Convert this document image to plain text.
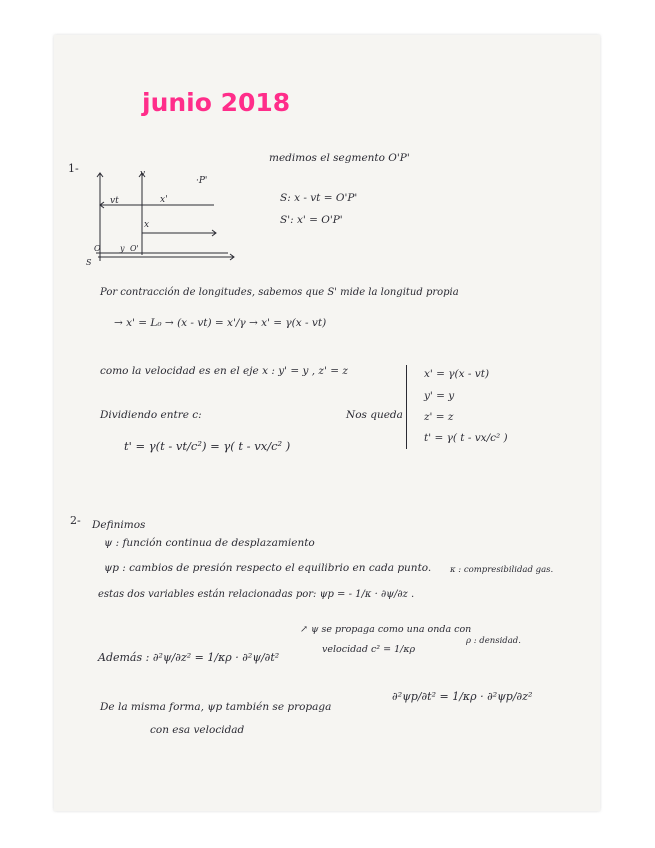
junio 2018
1-
medimos el segmento O'P'
S: x - vt = O'P'
S': x' = O'P'
v
·P'
vt	x'
x
O y O'
S
Por contracción de longitudes, sabemos que S' mide la longitud propia
→ x' = L₀ → (x - vt) = x'/γ → x' = γ(x - vt)
como la velocidad es en el eje x : y' = y , z' = z
Dividiendo entre c:
t' = γ(t - vt/c²) = γ( t - vx/c² )
Nos queda
x' = γ(x - vt)
y' = y
z' = z
t' = γ( t - vx/c² )
2- Definimos
ψ : función continua de desplazamiento
ψp : cambios de presión respecto el equilibrio en cada punto.
estas dos variables están relacionadas por: ψp = - 1/κ · ∂ψ/∂z .
κ : compresibilidad gas.
Además : ∂²ψ/∂z² = 1/κρ · ∂²ψ/∂t²
↗ ψ se propaga como una onda con
velocidad c² = 1/κρ
ρ : densidad.
De la misma forma, ψp también se propaga
∂²ψp/∂t² = 1/κρ · ∂²ψp/∂z²
con esa velocidad
